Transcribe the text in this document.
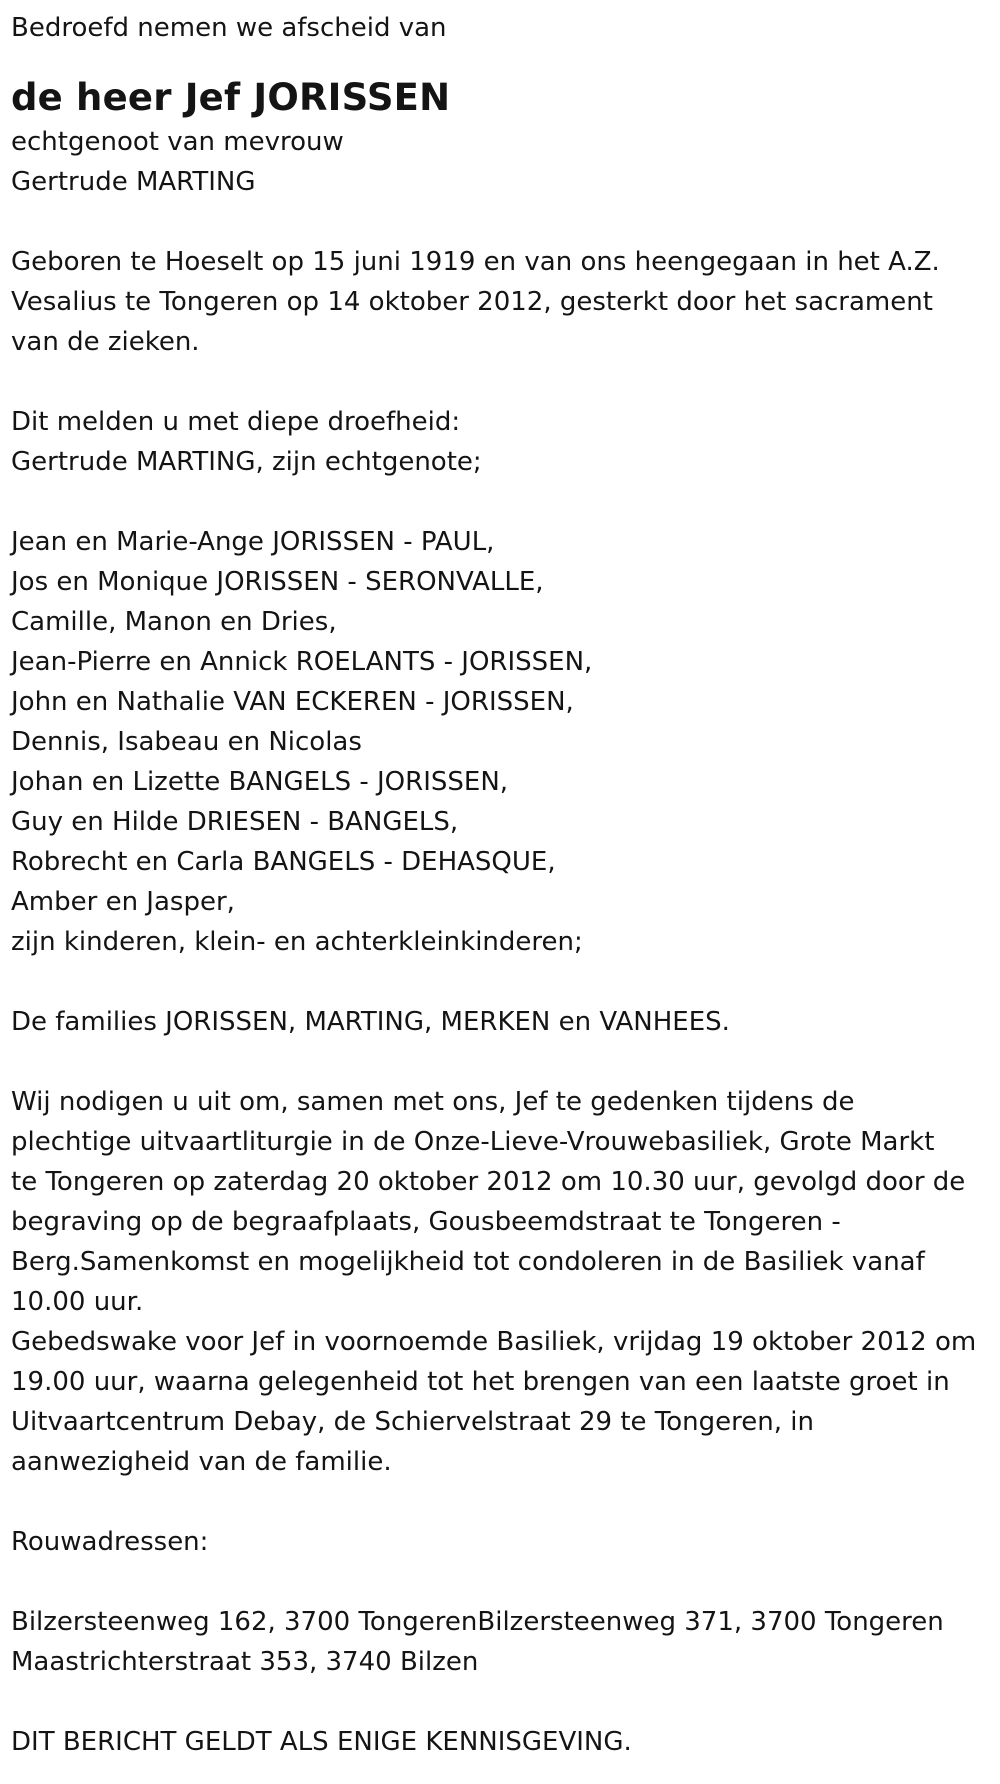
Bedroefd nemen we afscheid van
de heer Jef JORISSEN
echtgenoot van mevrouw
Gertrude MARTING
Geboren te Hoeselt op 15 juni 1919 en van ons heengegaan in het A.Z.
Vesalius te Tongeren op 14 oktober 2012, gesterkt door het sacrament
van de zieken.
Dit melden u met diepe droefheid:
Gertrude MARTING, zijn echtgenote;
Jean en Marie-Ange JORISSEN - PAUL,
Jos en Monique JORISSEN - SERONVALLE,
Camille, Manon en Dries,
Jean-Pierre en Annick ROELANTS - JORISSEN,
John en Nathalie VAN ECKEREN - JORISSEN,
Dennis, Isabeau en Nicolas
Johan en Lizette BANGELS - JORISSEN,
Guy en Hilde DRIESEN - BANGELS,
Robrecht en Carla BANGELS - DEHASQUE,
Amber en Jasper,
zijn kinderen, klein- en achterkleinkinderen;
De families JORISSEN, MARTING, MERKEN en VANHEES.
Wij nodigen u uit om, samen met ons, Jef te gedenken tijdens de
plechtige uitvaartliturgie in de Onze-Lieve-Vrouwebasiliek, Grote Markt
te Tongeren op zaterdag 20 oktober 2012 om 10.30 uur, gevolgd door de
begraving op de begraafplaats, Gousbeemdstraat te Tongeren -
Berg.Samenkomst en mogelijkheid tot condoleren in de Basiliek vanaf
10.00 uur.
Gebedswake voor Jef in voornoemde Basiliek, vrijdag 19 oktober 2012 om
19.00 uur, waarna gelegenheid tot het brengen van een laatste groet in
Uitvaartcentrum Debay, de Schiervelstraat 29 te Tongeren, in
aanwezigheid van de familie.
Rouwadressen:
Bilzersteenweg 162, 3700 TongerenBilzersteenweg 371, 3700 Tongeren
Maastrichterstraat 353, 3740 Bilzen
DIT BERICHT GELDT ALS ENIGE KENNISGEVING.
